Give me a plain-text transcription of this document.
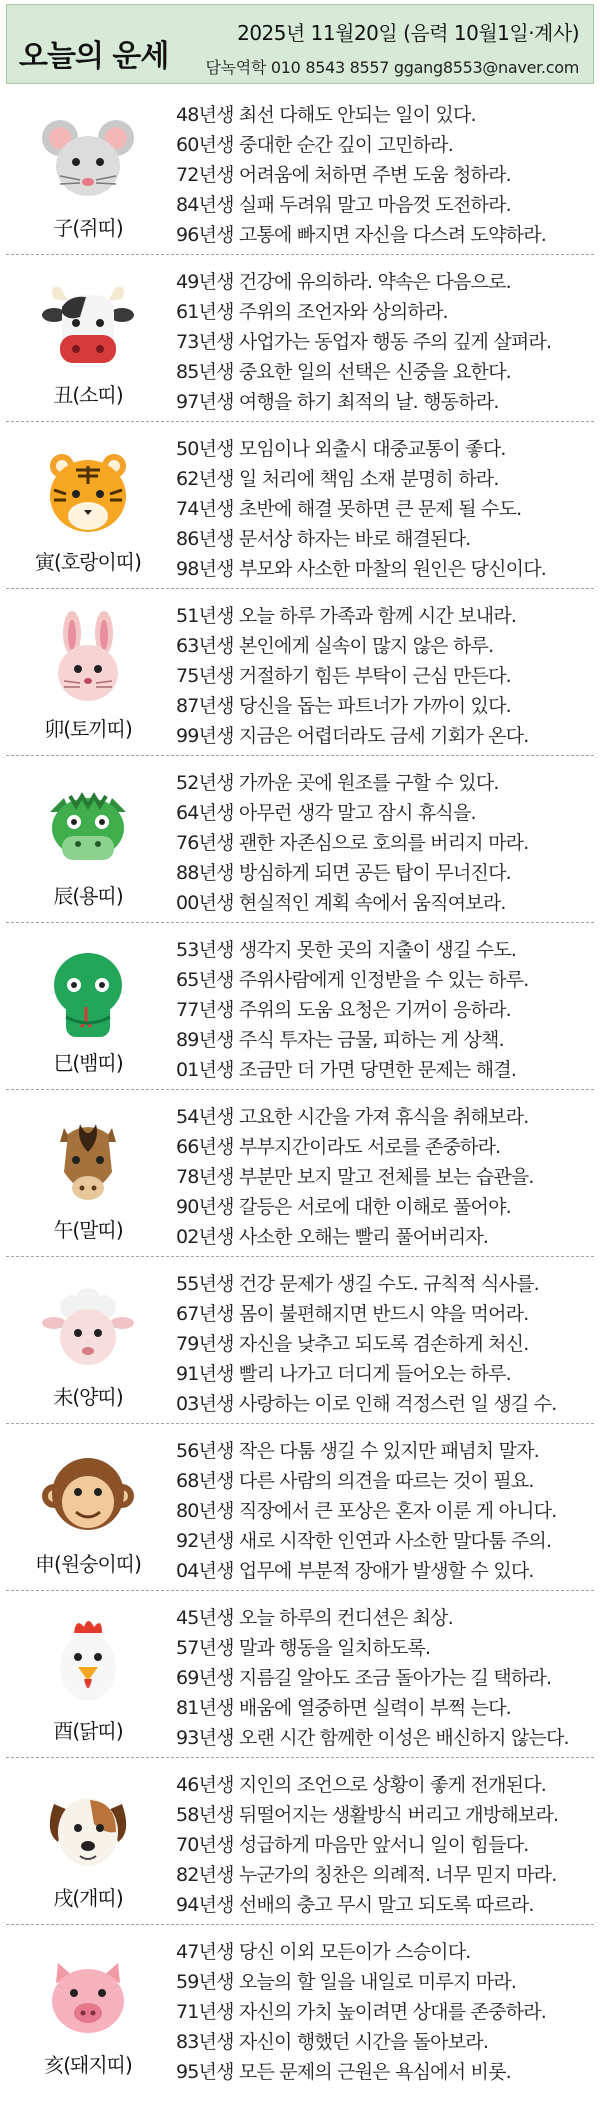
오늘의 운세
2025년 11월20일 (음력 10월1일·계사)
담녹역학 010 8543 8557 ggang8553@naver.com
子(쥐띠)
48년생 최선 다해도 안되는 일이 있다.
60년생 중대한 순간 깊이 고민하라.
72년생 어려움에 처하면 주변 도움 청하라.
84년생 실패 두려워 말고 마음껏 도전하라.
96년생 고통에 빠지면 자신을 다스려 도약하라.
丑(소띠)
49년생 건강에 유의하라. 약속은 다음으로.
61년생 주위의 조언자와 상의하라.
73년생 사업가는 동업자 행동 주의 깊게 살펴라.
85년생 중요한 일의 선택은 신중을 요한다.
97년생 여행을 하기 최적의 날. 행동하라.
寅(호랑이띠)
50년생 모임이나 외출시 대중교통이 좋다.
62년생 일 처리에 책임 소재 분명히 하라.
74년생 초반에 해결 못하면 큰 문제 될 수도.
86년생 문서상 하자는 바로 해결된다.
98년생 부모와 사소한 마찰의 원인은 당신이다.
卯(토끼띠)
51년생 오늘 하루 가족과 함께 시간 보내라.
63년생 본인에게 실속이 많지 않은 하루.
75년생 거절하기 힘든 부탁이 근심 만든다.
87년생 당신을 돕는 파트너가 가까이 있다.
99년생 지금은 어렵더라도 금세 기회가 온다.
辰(용띠)
52년생 가까운 곳에 원조를 구할 수 있다.
64년생 아무런 생각 말고 잠시 휴식을.
76년생 괜한 자존심으로 호의를 버리지 마라.
88년생 방심하게 되면 공든 탑이 무너진다.
00년생 현실적인 계획 속에서 움직여보라.
巳(뱀띠)
53년생 생각지 못한 곳의 지출이 생길 수도.
65년생 주위사람에게 인정받을 수 있는 하루.
77년생 주위의 도움 요청은 기꺼이 응하라.
89년생 주식 투자는 금물, 피하는 게 상책.
01년생 조금만 더 가면 당면한 문제는 해결.
午(말띠)
54년생 고요한 시간을 가져 휴식을 취해보라.
66년생 부부지간이라도 서로를 존중하라.
78년생 부분만 보지 말고 전체를 보는 습관을.
90년생 갈등은 서로에 대한 이해로 풀어야.
02년생 사소한 오해는 빨리 풀어버리자.
未(양띠)
55년생 건강 문제가 생길 수도. 규칙적 식사를.
67년생 몸이 불편해지면 반드시 약을 먹어라.
79년생 자신을 낮추고 되도록 겸손하게 처신.
91년생 빨리 나가고 더디게 들어오는 하루.
03년생 사랑하는 이로 인해 걱정스런 일 생길 수.
申(원숭이띠)
56년생 작은 다툼 생길 수 있지만 패념치 말자.
68년생 다른 사람의 의견을 따르는 것이 필요.
80년생 직장에서 큰 포상은 혼자 이룬 게 아니다.
92년생 새로 시작한 인연과 사소한 말다툼 주의.
04년생 업무에 부분적 장애가 발생할 수 있다.
酉(닭띠)
45년생 오늘 하루의 컨디션은 최상.
57년생 말과 행동을 일치하도록.
69년생 지름길 알아도 조금 돌아가는 길 택하라.
81년생 배움에 열중하면 실력이 부쩍 는다.
93년생 오랜 시간 함께한 이성은 배신하지 않는다.
戌(개띠)
46년생 지인의 조언으로 상황이 좋게 전개된다.
58년생 뒤떨어지는 생활방식 버리고 개방해보라.
70년생 성급하게 마음만 앞서니 일이 힘들다.
82년생 누군가의 칭찬은 의례적. 너무 믿지 마라.
94년생 선배의 충고 무시 말고 되도록 따르라.
亥(돼지띠)
47년생 당신 이외 모든이가 스승이다.
59년생 오늘의 할 일을 내일로 미루지 마라.
71년생 자신의 가치 높이려면 상대를 존중하라.
83년생 자신이 행했던 시간을 돌아보라.
95년생 모든 문제의 근원은 욕심에서 비롯.
